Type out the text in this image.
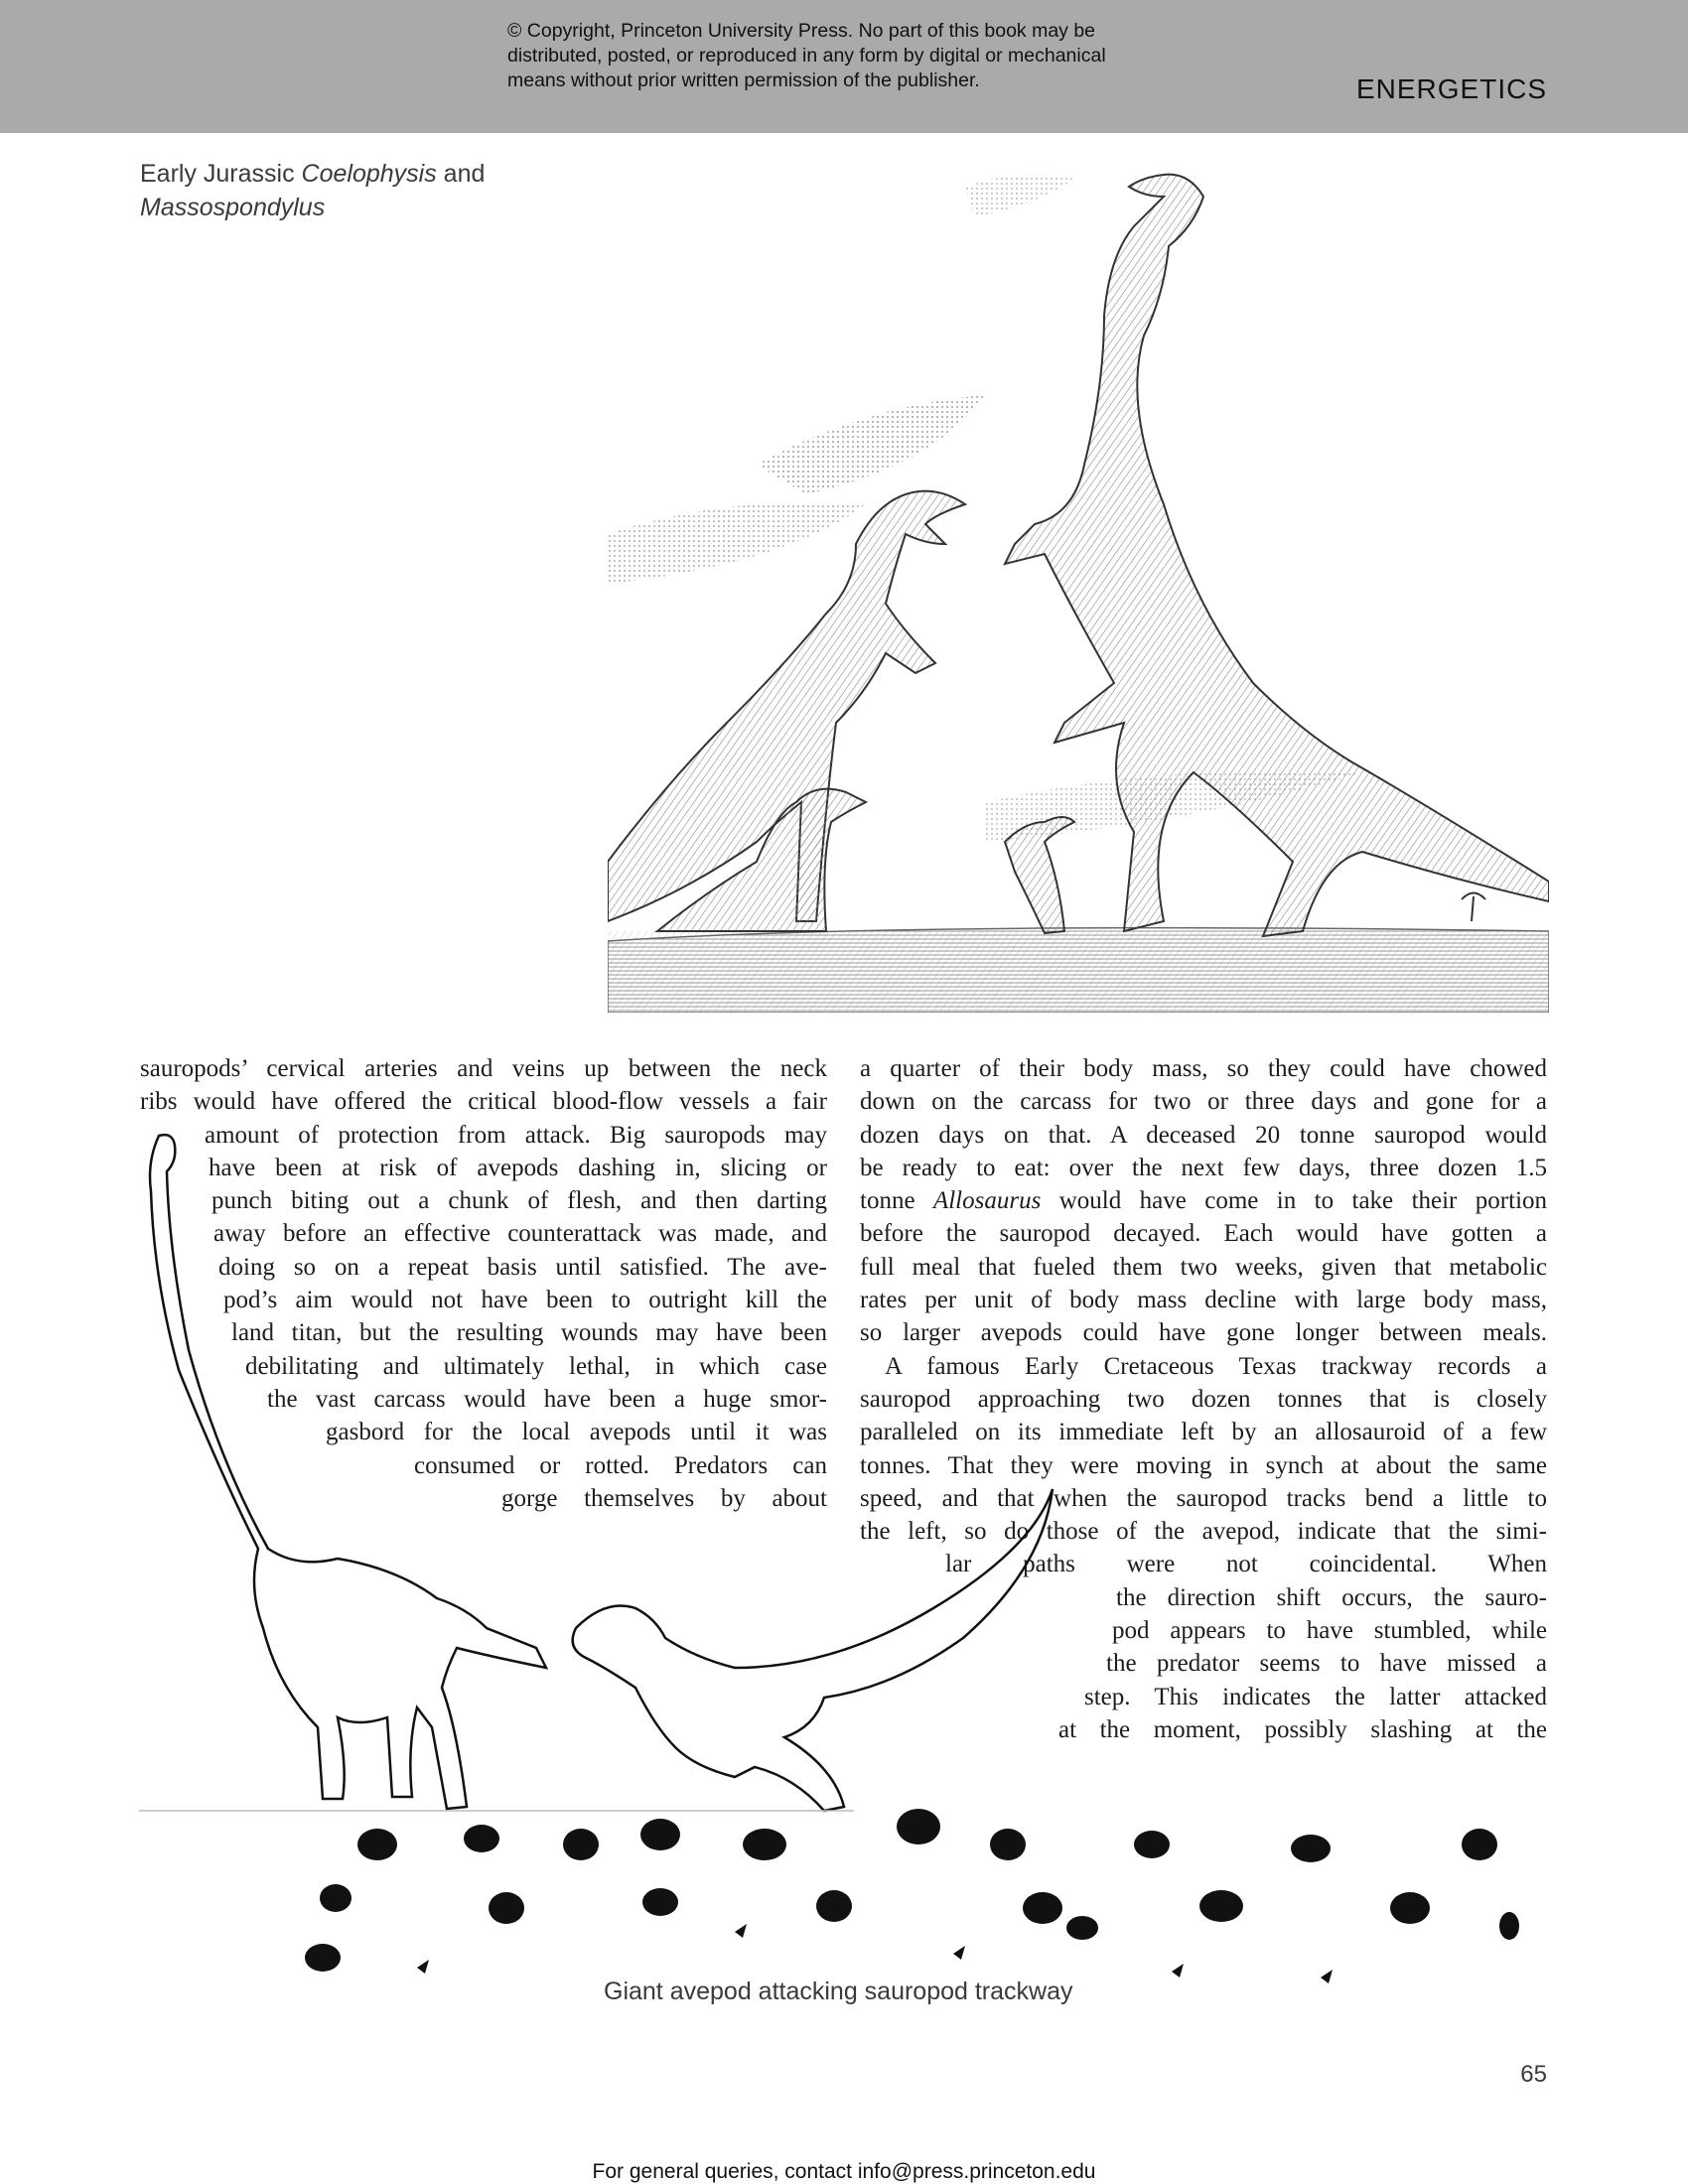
© Copyright, Princeton University Press. No part of this book may be
distributed, posted, or reproduced in any form by digital or mechanical
means without prior written permission of the publisher.	ENERGETICS
Early Jurassic Coelophysis and
Massospondylus
sauropods’ cervical arteries and veins up between the neck
ribs would have offered the critical blood-flow vessels a fair
amount of protection from attack. Big sauropods may
have been at risk of avepods dashing in, slicing or
punch biting out a chunk of flesh, and then darting
away before an effective counterattack was made, and
doing so on a repeat basis until satisfied. The ave-
pod’s aim would not have been to outright kill the
land titan, but the resulting wounds may have been
debilitating and ultimately lethal, in which case
the vast carcass would have been a huge smor-
gasbord for the local avepods until it was
consumed or rotted. Predators can
gorge themselves by about
a quarter of their body mass, so they could have chowed
down on the carcass for two or three days and gone for a
dozen days on that. A deceased 20 tonne sauropod would
be ready to eat: over the next few days, three dozen 1.5
tonne Allosaurus would have come in to take their portion
before the sauropod decayed. Each would have gotten a
full meal that fueled them two weeks, given that metabolic
rates per unit of body mass decline with large body mass,
so larger avepods could have gone longer between meals.
A famous Early Cretaceous Texas trackway records a
sauropod approaching two dozen tonnes that is closely
paralleled on its immediate left by an allosauroid of a few
tonnes. That they were moving in synch at about the same
speed, and that when the sauropod tracks bend a little to
the left, so do those of the avepod, indicate that the simi-
lar paths were not coincidental. When
the direction shift occurs, the sauro-
pod appears to have stumbled, while
the predator seems to have missed a
step. This indicates the latter attacked
at the moment, possibly slashing at the
Giant avepod attacking sauropod trackway
65
For general queries, contact info@press.princeton.edu
